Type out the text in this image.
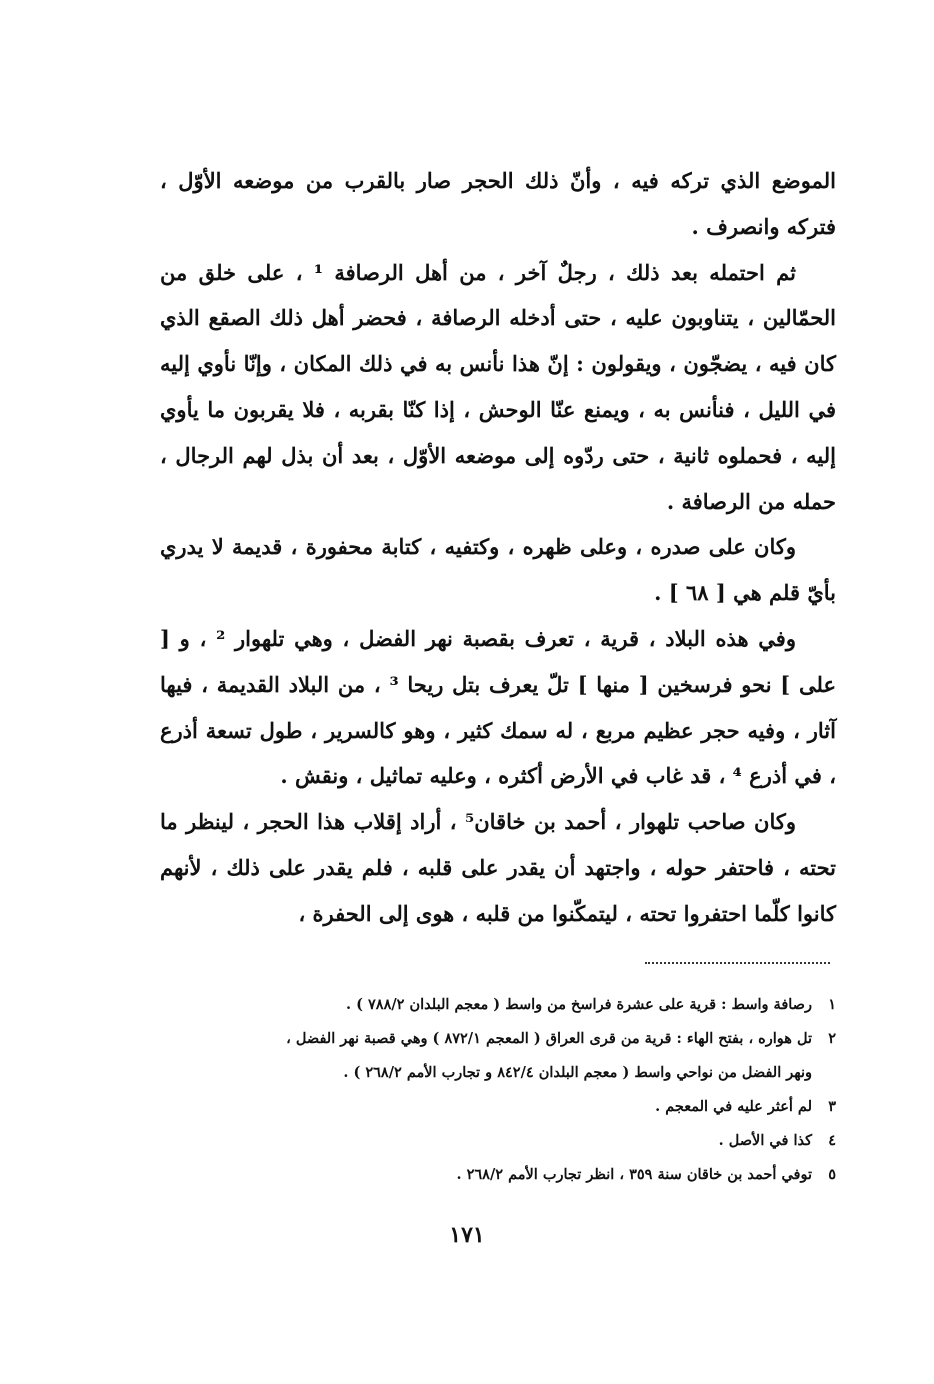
الموضع الذي تركه فيه ، وأنّ ذلك الحجر صار بالقرب من موضعه الأوّل ، فتركه وانصرف .

ثم احتمله بعد ذلك ، رجلٌ آخر ، من أهل الرصافة ¹ ، على خلق من الحمّالين ، يتناوبون عليه ، حتى أدخله الرصافة ، فحضر أهل ذلك الصقع الذي كان فيه ، يضجّون ، ويقولون : إنّ هذا نأنس به في ذلك المكان ، وإنّا نأوي إليه في الليل ، فنأنس به ، ويمنع عنّا الوحش ، إذا كنّا بقربه ، فلا يقربون ما يأوي إليه ، فحملوه ثانية ، حتى ردّوه إلى موضعه الأوّل ، بعد أن بذل لهم الرجال ، حمله من الرصافة .

وكان على صدره ، وعلى ظهره ، وكتفيه ، كتابة محفورة ، قديمة لا يدري بأيّ قلم هي [ ٦٨ ] .

وفي هذه البلاد ، قرية ، تعرف بقصبة نهر الفضل ، وهي تلهوار ² ، و [ على ] نحو فرسخين [ منها ] تلّ يعرف بتل ريحا ³ ، من البلاد القديمة ، فيها آثار ، وفيه حجر عظيم مربع ، له سمك كثير ، وهو كالسرير ، طول تسعة أذرع ، في أذرع ⁴ ، قد غاب في الأرض أكثره ، وعليه تماثيل ، ونقش .

وكان صاحب تلهوار ، أحمد بن خاقان⁵ ، أراد إقلاب هذا الحجر ، لينظر ما تحته ، فاحتفر حوله ، واجتهد أن يقدر على قلبه ، فلم يقدر على ذلك ، لأنهم كانوا كلّما احتفروا تحته ، ليتمكّنوا من قلبه ، هوى إلى الحفرة ،

١رصافة واسط : قرية على عشرة فراسخ من واسط ( معجم البلدان ٧٨٨/٢ ) .
٢تل هواره ، بفتح الهاء : قرية من قرى العراق ( المعجم ٨٧٢/١ ) وهي قصبة نهر الفضل ،
ونهر الفضل من نواحي واسط ( معجم البلدان ٨٤٢/٤ و تجارب الأمم ٢٦٨/٢ ) .
٣لم أعثر عليه في المعجم .
٤كذا في الأصل .
٥توفي أحمد بن خاقان سنة ٣٥٩ ، انظر تجارب الأمم ٢٦٨/٢ .
١٧١
